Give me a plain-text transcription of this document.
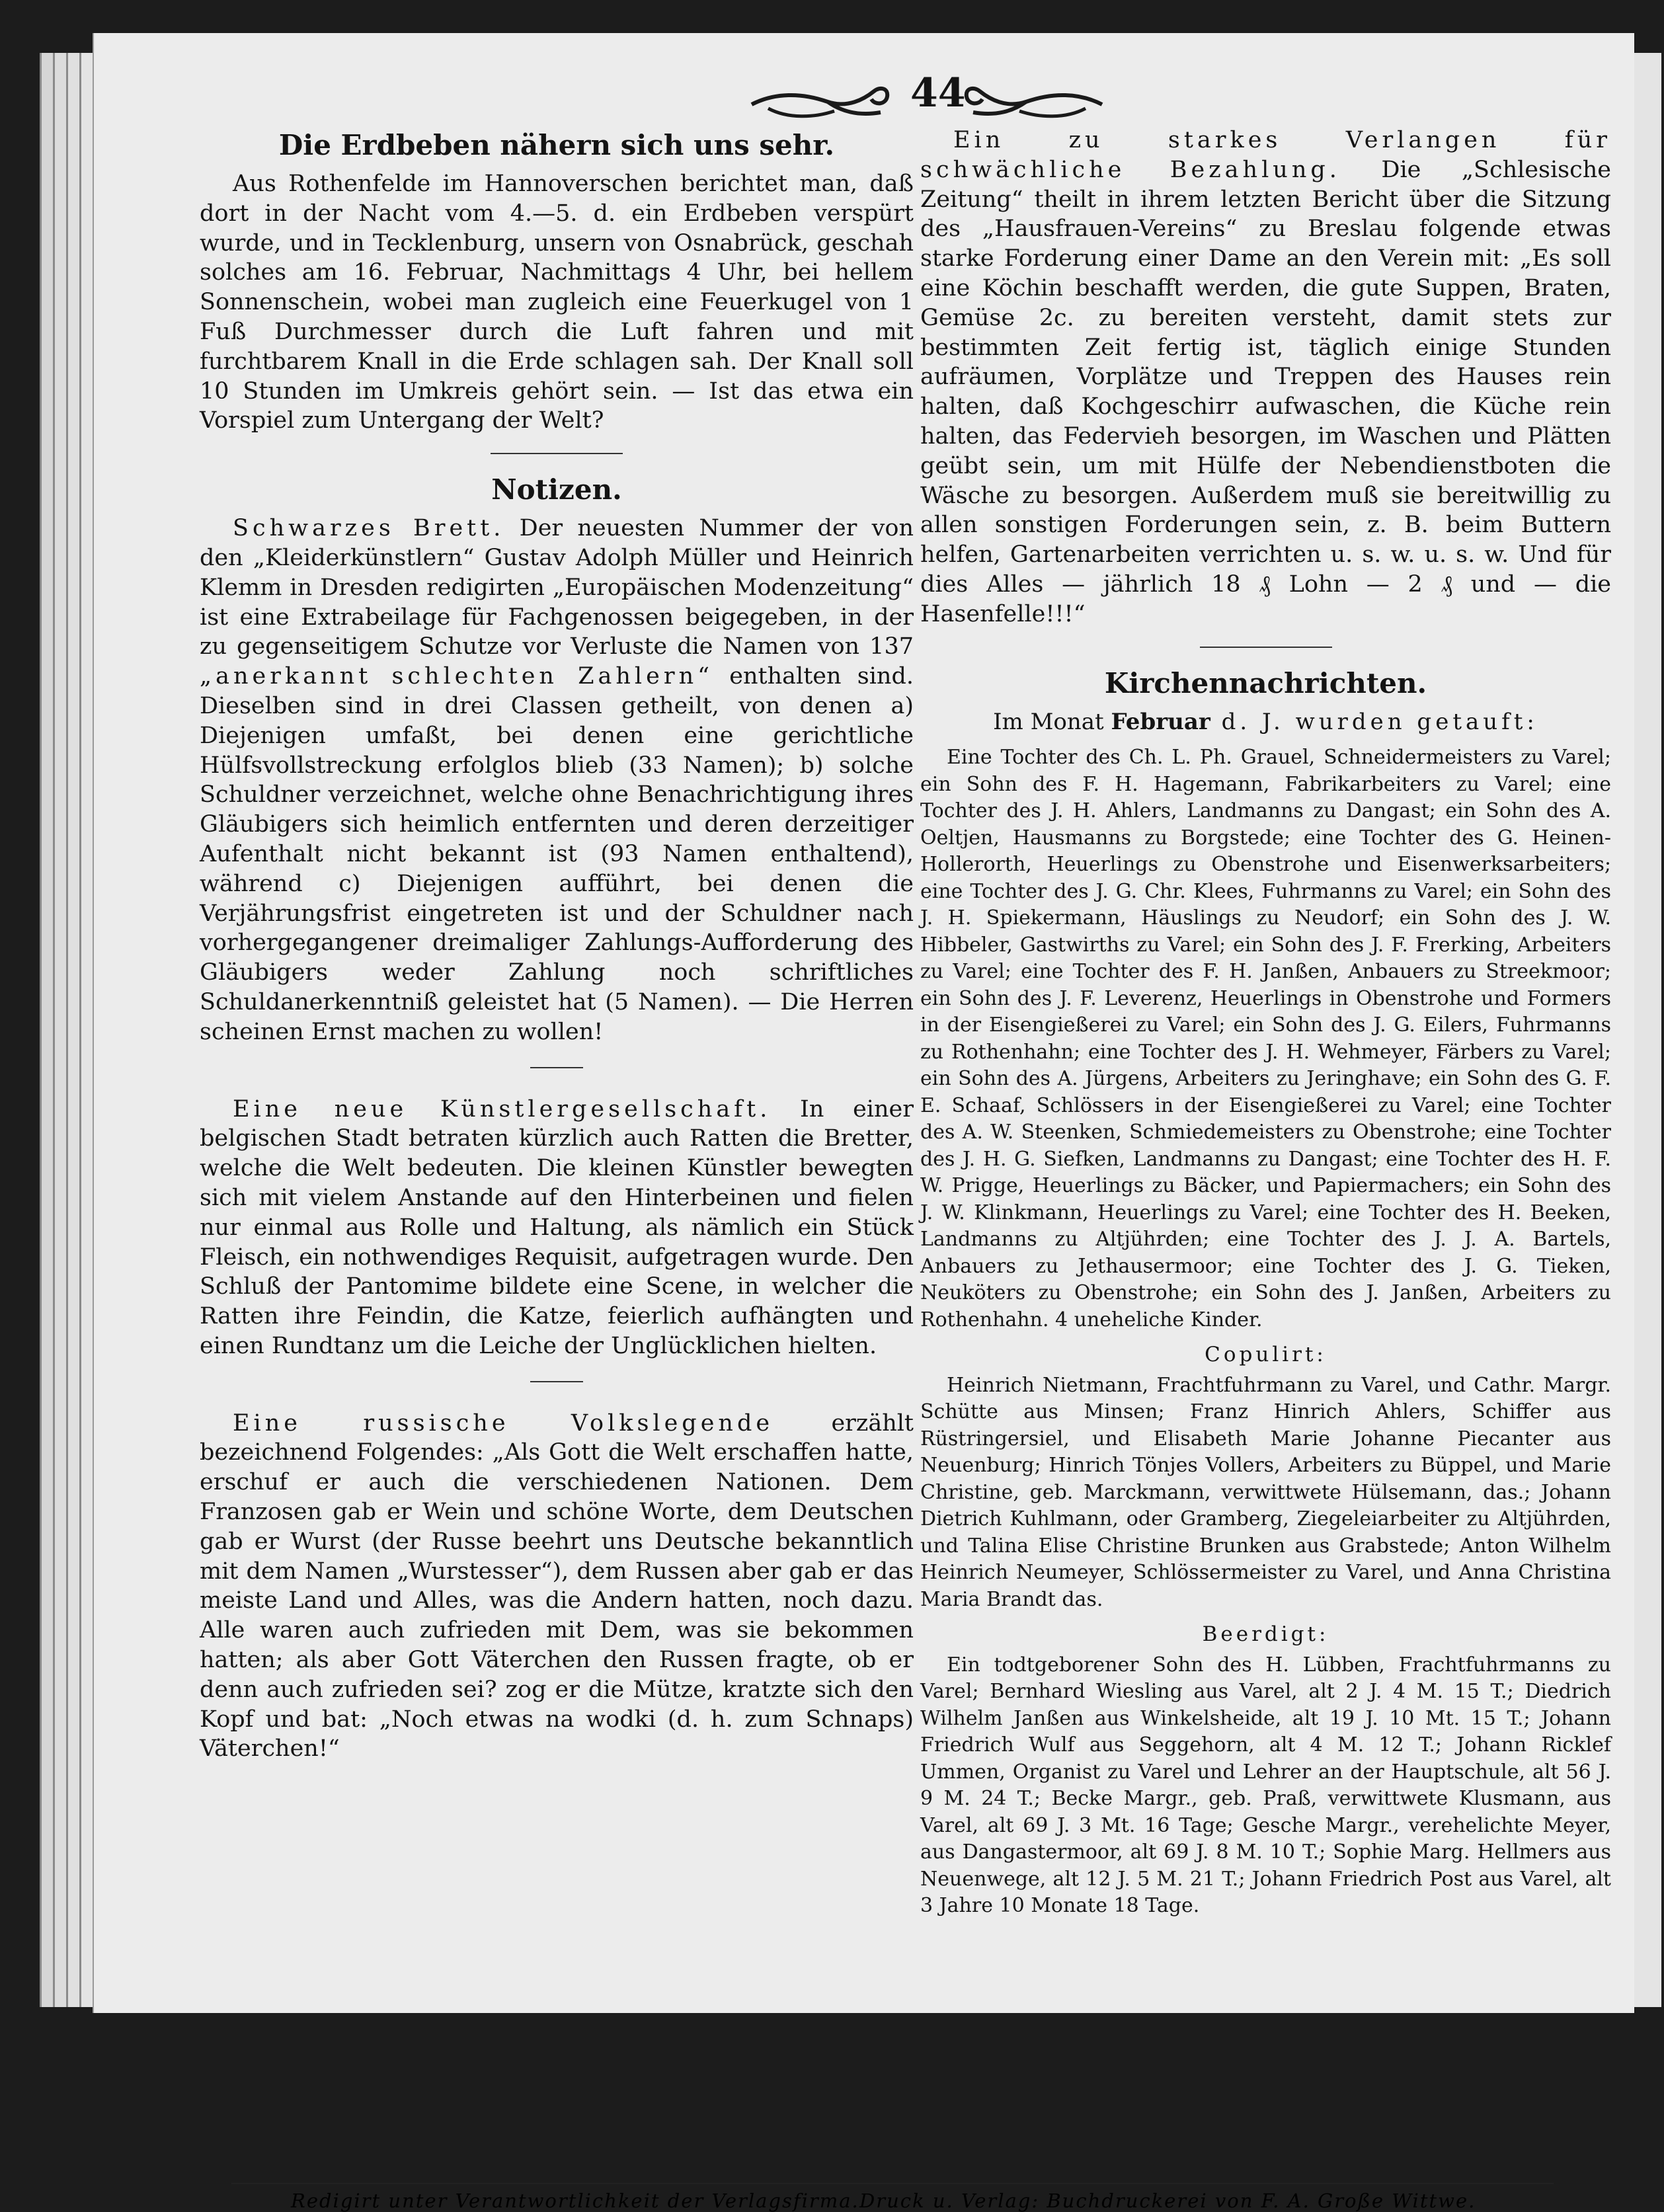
44
Die Erdbeben nähern sich uns sehr.

Aus Rothenfelde im Hannoverschen berichtet man, daß dort in der Nacht vom 4.—5. d. ein Erdbeben verspürt wurde, und in Tecklenburg, unsern von Osnabrück, geschah solches am 16. Februar, Nachmittags 4 Uhr, bei hellem Sonnenschein, wobei man zugleich eine Feuerkugel von 1 Fuß Durchmesser durch die Luft fahren und mit furchtbarem Knall in die Erde schlagen sah. Der Knall soll 10 Stunden im Umkreis gehört sein. — Ist das etwa ein Vorspiel zum Untergang der Welt?

Notizen.

Schwarzes Brett. Der neuesten Nummer der von den „Kleiderkünstlern“ Gustav Adolph Müller und Heinrich Klemm in Dresden redigirten „Europäischen Modenzeitung“ ist eine Extrabeilage für Fachgenossen beigegeben, in der zu gegenseitigem Schutze vor Verluste die Namen von 137 „anerkannt schlechten Zahlern“ enthalten sind. Dieselben sind in drei Classen getheilt, von denen a) Diejenigen umfaßt, bei denen eine gerichtliche Hülfsvollstreckung erfolglos blieb (33 Namen); b) solche Schuldner verzeichnet, welche ohne Benachrichtigung ihres Gläubigers sich heimlich entfernten und deren derzeitiger Aufenthalt nicht bekannt ist (93 Namen enthaltend), während c) Diejenigen aufführt, bei denen die Verjährungsfrist eingetreten ist und der Schuldner nach vorhergegangener dreimaliger Zahlungs-Aufforderung des Gläubigers weder Zahlung noch schriftliches Schuldanerkenntniß geleistet hat (5 Namen). — Die Herren scheinen Ernst machen zu wollen!

Eine neue Künstlergesellschaft. In einer belgischen Stadt betraten kürzlich auch Ratten die Bretter, welche die Welt bedeuten. Die kleinen Künstler bewegten sich mit vielem Anstande auf den Hinterbeinen und fielen nur einmal aus Rolle und Haltung, als nämlich ein Stück Fleisch, ein nothwendiges Requisit, aufgetragen wurde. Den Schluß der Pantomime bildete eine Scene, in welcher die Ratten ihre Feindin, die Katze, feierlich aufhängten und einen Rundtanz um die Leiche der Unglücklichen hielten.

Eine russische Volkslegende erzählt bezeichnend Folgendes: „Als Gott die Welt erschaffen hatte, erschuf er auch die verschiedenen Nationen. Dem Franzosen gab er Wein und schöne Worte, dem Deutschen gab er Wurst (der Russe beehrt uns Deutsche bekanntlich mit dem Namen „Wurstesser“), dem Russen aber gab er das meiste Land und Alles, was die Andern hatten, noch dazu. Alle waren auch zufrieden mit Dem, was sie bekommen hatten; als aber Gott Väterchen den Russen fragte, ob er denn auch zufrieden sei? zog er die Mütze, kratzte sich den Kopf und bat: „Noch etwas na wodki (d. h. zum Schnaps) Väterchen!“

Ein zu starkes Verlangen für schwächliche Bezahlung. Die „Schlesische Zeitung“ theilt in ihrem letzten Bericht über die Sitzung des „Hausfrauen-Vereins“ zu Breslau folgende etwas starke Forderung einer Dame an den Verein mit: „Es soll eine Köchin beschafft werden, die gute Suppen, Braten, Gemüse 2c. zu bereiten versteht, damit stets zur bestimmten Zeit fertig ist, täglich einige Stunden aufräumen, Vorplätze und Treppen des Hauses rein halten, daß Kochgeschirr aufwaschen, die Küche rein halten, das Federvieh besorgen, im Waschen und Plätten geübt sein, um mit Hülfe der Nebendienstboten die Wäsche zu besorgen. Außerdem muß sie bereitwillig zu allen sonstigen Forderungen sein, z. B. beim Buttern helfen, Gartenarbeiten verrichten u. s. w. u. s. w. Und für dies Alles — jährlich 18 ₰ Lohn — 2 ₰ und — die Hasenfelle!!!“

Kirchennachrichten.
Im Monat Februar d. J. wurden getauft:

Eine Tochter des Ch. L. Ph. Grauel, Schneidermeisters zu Varel; ein Sohn des F. H. Hagemann, Fabrikarbeiters zu Varel; eine Tochter des J. H. Ahlers, Landmanns zu Dangast; ein Sohn des A. Oeltjen, Hausmanns zu Borgstede; eine Tochter des G. Heinen-Hollerorth, Heuerlings zu Obenstrohe und Eisenwerksarbeiters; eine Tochter des J. G. Chr. Klees, Fuhrmanns zu Varel; ein Sohn des J. H. Spiekermann, Häuslings zu Neudorf; ein Sohn des J. W. Hibbeler, Gastwirths zu Varel; ein Sohn des J. F. Frerking, Arbeiters zu Varel; eine Tochter des F. H. Janßen, Anbauers zu Streekmoor; ein Sohn des J. F. Leverenz, Heuerlings in Obenstrohe und Formers in der Eisengießerei zu Varel; ein Sohn des J. G. Eilers, Fuhrmanns zu Rothenhahn; eine Tochter des J. H. Wehmeyer, Färbers zu Varel; ein Sohn des A. Jürgens, Arbeiters zu Jeringhave; ein Sohn des G. F. E. Schaaf, Schlössers in der Eisengießerei zu Varel; eine Tochter des A. W. Steenken, Schmiedemeisters zu Obenstrohe; eine Tochter des J. H. G. Siefken, Landmanns zu Dangast; eine Tochter des H. F. W. Prigge, Heuerlings zu Bäcker, und Papiermachers; ein Sohn des J. W. Klinkmann, Heuerlings zu Varel; eine Tochter des H. Beeken, Landmanns zu Altjührden; eine Tochter des J. J. A. Bartels, Anbauers zu Jethausermoor; eine Tochter des J. G. Tieken, Neuköters zu Obenstrohe; ein Sohn des J. Janßen, Arbeiters zu Rothenhahn. 4 uneheliche Kinder.

Copulirt:

Heinrich Nietmann, Frachtfuhrmann zu Varel, und Cathr. Margr. Schütte aus Minsen; Franz Hinrich Ahlers, Schiffer aus Rüstringersiel, und Elisabeth Marie Johanne Piecanter aus Neuenburg; Hinrich Tönjes Vollers, Arbeiters zu Büppel, und Marie Christine, geb. Marckmann, verwittwete Hülsemann, das.; Johann Dietrich Kuhlmann, oder Gramberg, Ziegeleiarbeiter zu Altjührden, und Talina Elise Christine Brunken aus Grabstede; Anton Wilhelm Heinrich Neumeyer, Schlössermeister zu Varel, und Anna Christina Maria Brandt das.

Beerdigt:

Ein todtgeborener Sohn des H. Lübben, Frachtfuhrmanns zu Varel; Bernhard Wiesling aus Varel, alt 2 J. 4 M. 15 T.; Diedrich Wilhelm Janßen aus Winkelsheide, alt 19 J. 10 Mt. 15 T.; Johann Friedrich Wulf aus Seggehorn, alt 4 M. 12 T.; Johann Ricklef Ummen, Organist zu Varel und Lehrer an der Hauptschule, alt 56 J. 9 M. 24 T.; Becke Margr., geb. Praß, verwittwete Klusmann, aus Varel, alt 69 J. 3 Mt. 16 Tage; Gesche Margr., verehelichte Meyer, aus Dangastermoor, alt 69 J. 8 M. 10 T.; Sophie Marg. Hellmers aus Neuenwege, alt 12 J. 5 M. 21 T.; Johann Friedrich Post aus Varel, alt 3 Jahre 10 Monate 18 Tage.

Redigirt unter Verantwortlichkeit der Verlagsfirma. Druck u. Verlag: Buchdruckerei von F. A. Große Wittwe.
